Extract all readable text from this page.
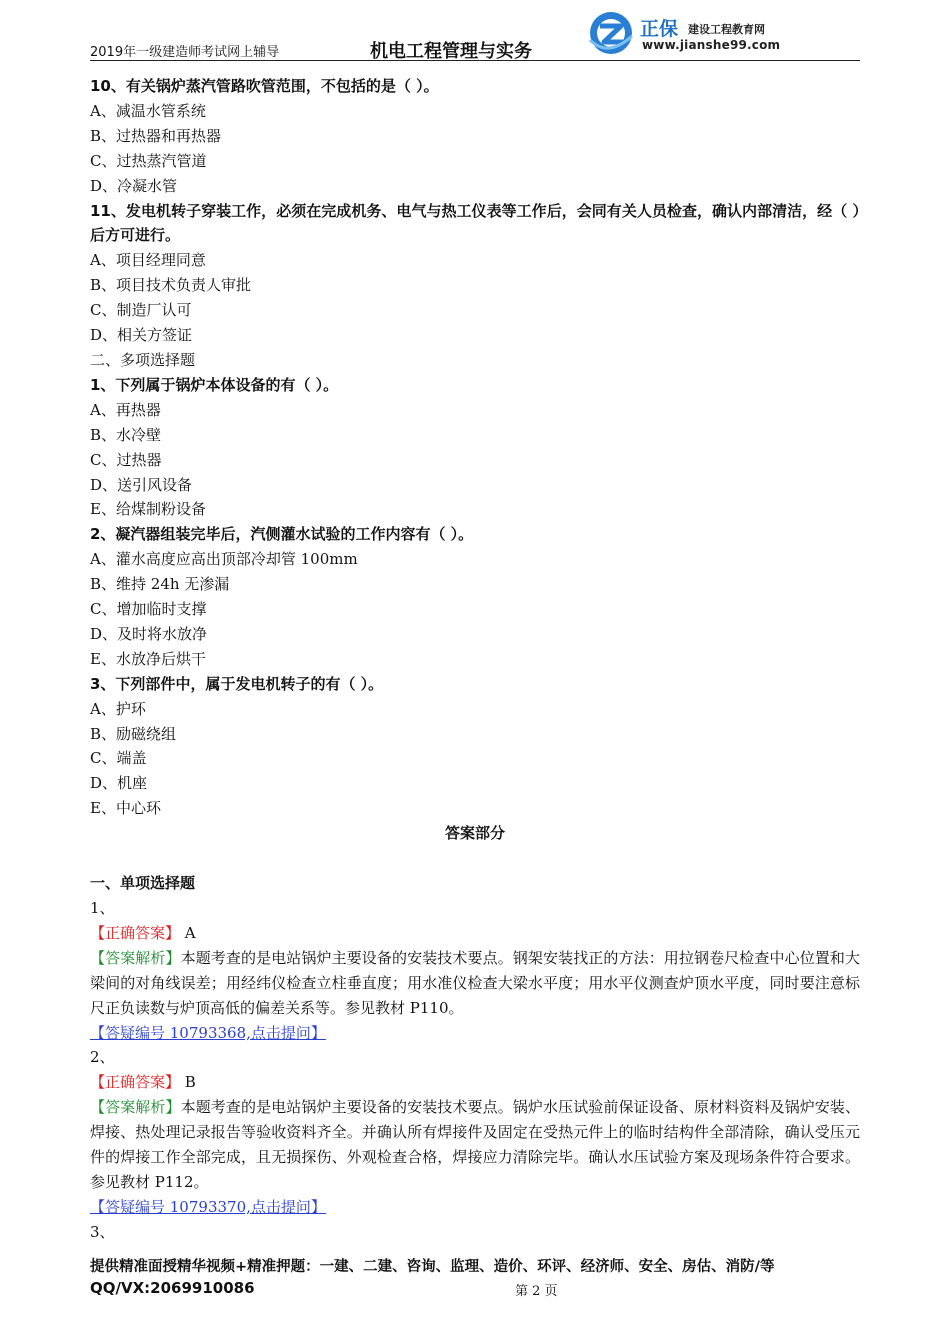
2019年一级建造师考试网上辅导	机电工程管理与实务
正保 建设工程教育网
www.jianshe99.com

10、有关锅炉蒸汽管路吹管范围，不包括的是（ ）。

A、减温水管系统

B、过热器和再热器

C、过热蒸汽管道

D、冷凝水管

11、发电机转子穿装工作，必须在完成机务、电气与热工仪表等工作后，会同有关人员检查，确认内部清洁，经（ ）后方可进行。

A、项目经理同意

B、项目技术负责人审批

C、制造厂认可

D、相关方签证

二、多项选择题

1、下列属于锅炉本体设备的有（ ）。

A、再热器

B、水冷壁

C、过热器

D、送引风设备

E、给煤制粉设备

2、凝汽器组装完毕后，汽侧灌水试验的工作内容有（ ）。

A、灌水高度应高出顶部冷却管 100mm

B、维持 24h 无渗漏

C、增加临时支撑

D、及时将水放净

E、水放净后烘干

3、下列部件中，属于发电机转子的有（ ）。

A、护环

B、励磁绕组

C、端盖

D、机座

E、中心环

答案部分

一、单项选择题

1、

【正确答案】 A

【答案解析】本题考查的是电站锅炉主要设备的安装技术要点。钢架安装找正的方法：用拉钢卷尺检查中心位置和大梁间的对角线误差；用经纬仪检查立柱垂直度；用水准仪检查大梁水平度；用水平仪测查炉顶水平度，同时要注意标尺正负读数与炉顶高低的偏差关系等。参见教材 P110。

【答疑编号 10793368,点击提问】

2、

【正确答案】 B

【答案解析】本题考查的是电站锅炉主要设备的安装技术要点。锅炉水压试验前保证设备、原材料资料及锅炉安装、焊接、热处理记录报告等验收资料齐全。并确认所有焊接件及固定在受热元件上的临时结构件全部清除，确认受压元件的焊接工作全部完成，且无损探伤、外观检查合格，焊接应力清除完毕。确认水压试验方案及现场条件符合要求。参见教材 P112。

【答疑编号 10793370,点击提问】

3、

提供精准面授精华视频+精准押题：一建、二建、咨询、监理、造价、环评、经济师、安全、房估、消防/等
QQ/VX:2069910086	第 2 页
